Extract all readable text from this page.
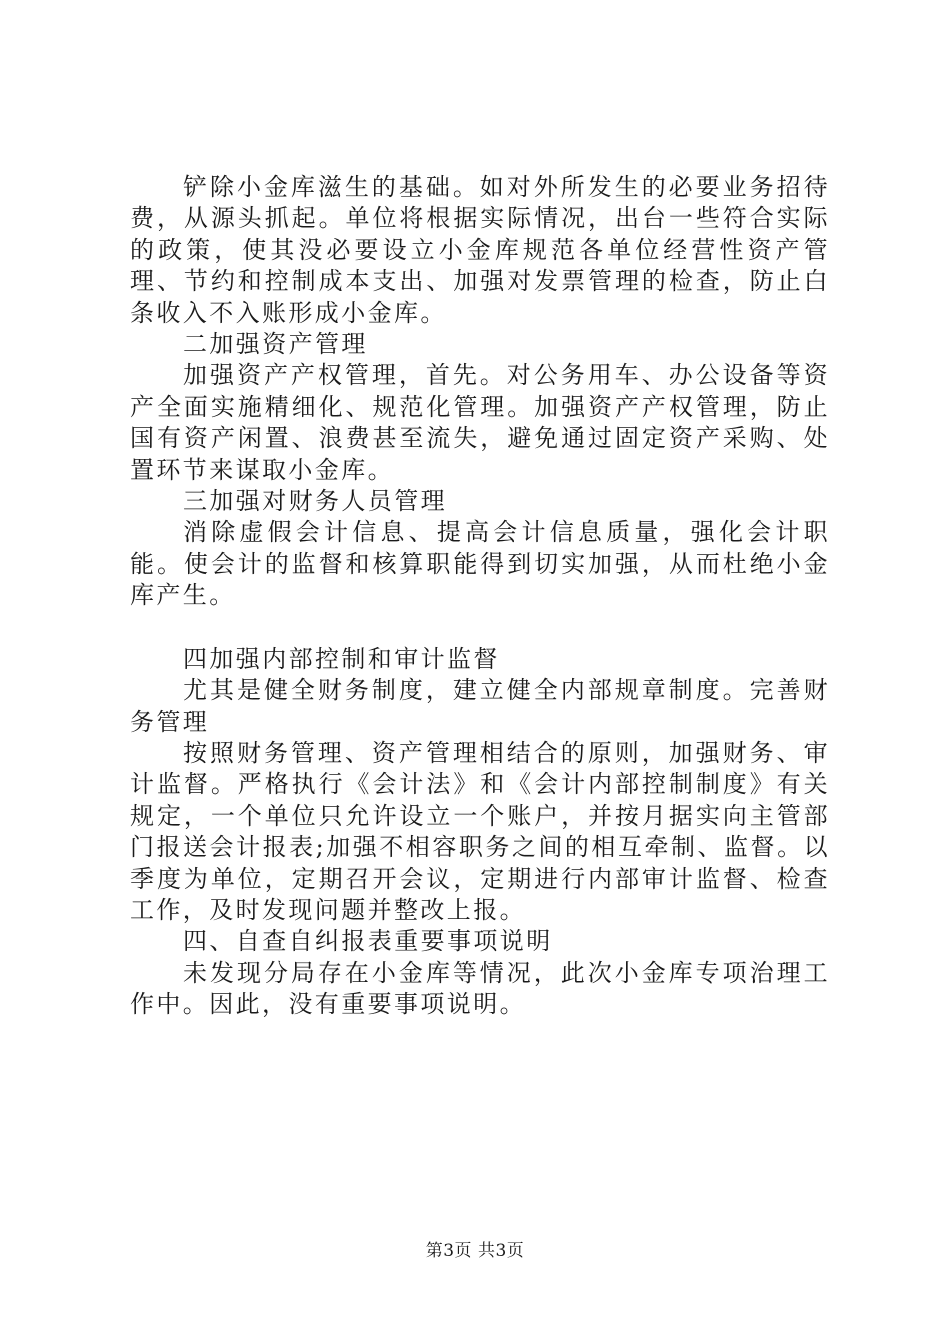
铲除小金库滋生的基础。如对外所发生的必要业务招待费，从源头抓起。单位将根据实际情况，出台一些符合实际的政策，使其没必要设立小金库规范各单位经营性资产管理、节约和控制成本支出、加强对发票管理的检查，防止白条收入不入账形成小金库。

二加强资产管理

加强资产产权管理，首先。对公务用车、办公设备等资产全面实施精细化、规范化管理。加强资产产权管理，防止国有资产闲置、浪费甚至流失，避免通过固定资产采购、处置环节来谋取小金库。

三加强对财务人员管理

消除虚假会计信息、提高会计信息质量，强化会计职能。使会计的监督和核算职能得到切实加强，从而杜绝小金库产生。

四加强内部控制和审计监督

尤其是健全财务制度，建立健全内部规章制度。完善财务管理

按照财务管理、资产管理相结合的原则，加强财务、审计监督。严格执行《会计法》和《会计内部控制制度》有关规定，一个单位只允许设立一个账户，并按月据实向主管部门报送会计报表;加强不相容职务之间的相互牵制、监督。以季度为单位，定期召开会议，定期进行内部审计监督、检查工作，及时发现问题并整改上报。

四、自查自纠报表重要事项说明

未发现分局存在小金库等情况，此次小金库专项治理工作中。因此，没有重要事项说明。

第3页 共3页
